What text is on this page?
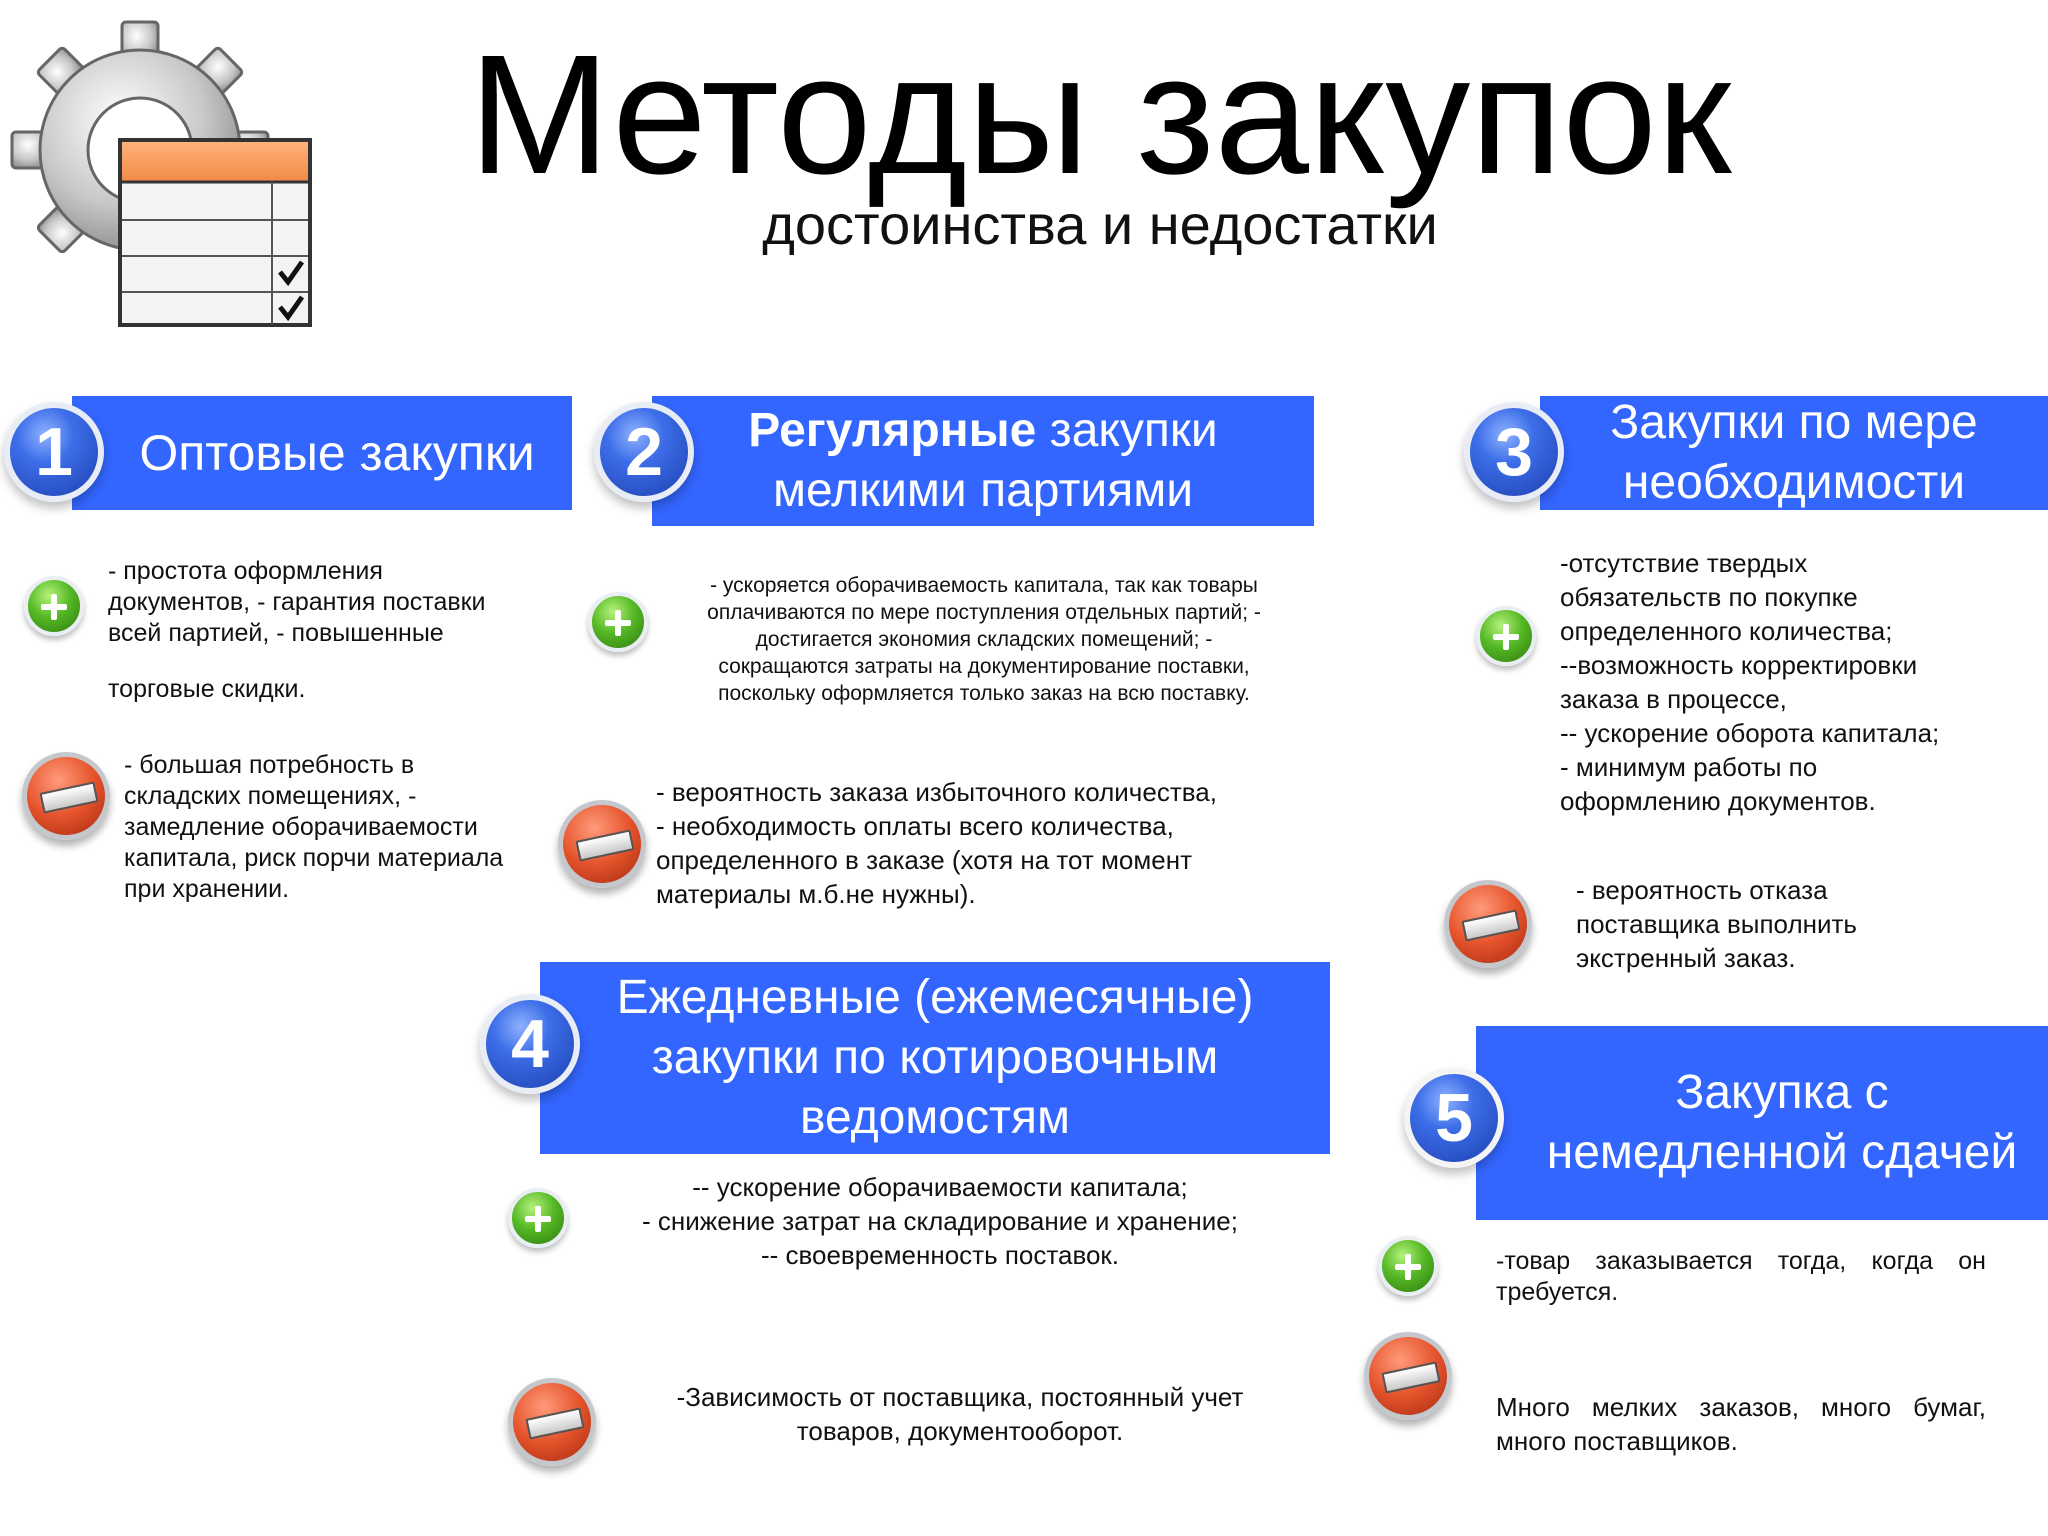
Методы закупок
достоинства и недостатки
Оптовые закупки
1
- простота оформления
документов, - гарантия поставки
всей партией, - повышенные
торговые скидки.
- большая потребность в
складских помещениях, -
замедление оборачиваемости
капитала, риск порчи материала
при хранении.
Регулярные закупки
мелкими партиями
2
- ускоряется оборачиваемость капитала, так как товары
оплачиваются по мере поступления отдельных партий; -
достигается экономия складских помещений; -
сокращаются затраты на документирование поставки,
поскольку оформляется только заказ на всю поставку.
- вероятность заказа избыточного количества,
- необходимость оплаты всего количества,
определенного в заказе (хотя на тот момент
материалы м.б.не нужны).
Закупки по мере
необходимости
3
-отсутствие твердых
обязательств по покупке
определенного количества;
--возможность корректировки
заказа в процессе,
-- ускорение оборота капитала;
- минимум работы по
оформлению документов.
- вероятность отказа
поставщика выполнить
экстренный заказ.
Ежедневные (ежемесячные)
закупки по котировочным
ведомостям
4
-- ускорение оборачиваемости капитала;
- снижение затрат на складирование и хранение;
-- своевременность поставок.
-Зависимость от поставщика, постоянный учет
товаров, документооборот.
Закупка с
немедленной сдачей
5
-товар заказывается тогда, когда он
требуется.
Много мелких заказов, много бумаг,
много поставщиков.
